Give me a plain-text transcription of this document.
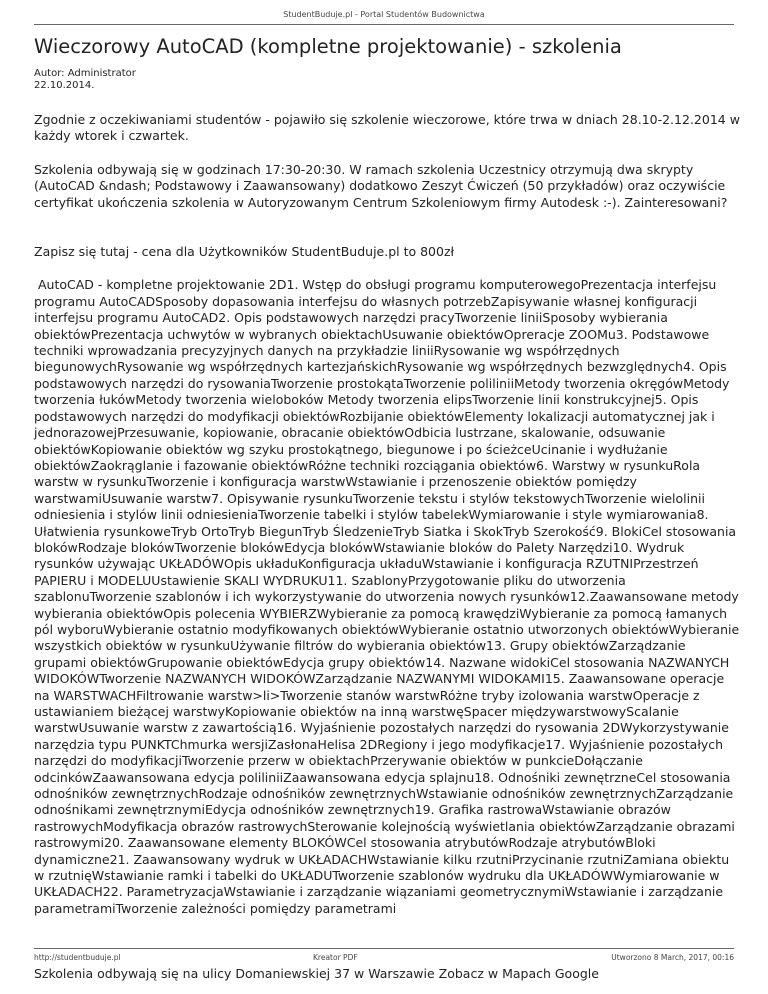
StudentBuduje.pl - Portal Studentów Budownictwa
Wieczorowy AutoCAD (kompletne projektowanie) - szkolenia
Autor: Administrator
22.10.2014.

Zgodnie z oczekiwaniami studentów - pojawiło się szkolenie wieczorowe, które trwa w dniach 28.10-2.12.2014 w każdy wtorek i czwartek.

Szkolenia odbywają się w godzinach 17:30-20:30. W ramach szkolenia Uczestnicy otrzymują dwa skrypty (AutoCAD &ndash; Podstawowy i Zaawansowany) dodatkowo Zeszyt Ćwiczeń (50 przykładów) oraz oczywiście certyfikat ukończenia szkolenia w Autoryzowanym Centrum Szkoleniowym firmy Autodesk :-). Zainteresowani?

Zapisz się tutaj - cena dla Użytkowników StudentBuduje.pl to 800zł

AutoCAD - kompletne projektowanie 2D1. Wstęp do obsługi programu komputerowegoPrezentacja interfejsu programu AutoCADSposoby dopasowania interfejsu do własnych potrzebZapisywanie własnej konfiguracji interfejsu programu AutoCAD2. Opis podstawowych narzędzi pracyTworzenie liniiSposoby wybierania obiektówPrezentacja uchwytów w wybranych obiektachUsuwanie obiektówOpreracje ZOOMu3. Podstawowe techniki wprowadzania precyzyjnych danych na przykładzie liniiRysowanie wg współrzędnych biegunowychRysowanie wg współrzędnych kartezjańskichRysowanie wg współrzędnych bezwzględnych4. Opis podstawowych narzędzi do rysowaniaTworzenie prostokątaTworzenie poliliniiMetody tworzenia okręgówMetody tworzenia łukówMetody tworzenia wieloboków Metody tworzenia elipsTworzenie linii konstrukcyjnej5. Opis podstawowych narzędzi do modyfikacji obiektówRozbijanie obiektówElementy lokalizacji automatycznej jak i jednorazowejPrzesuwanie, kopiowanie, obracanie obiektówOdbicia lustrzane, skalowanie, odsuwanie obiektówKopiowanie obiektów wg szyku prostokątnego, biegunowe i po ścieżceUcinanie i wydłużanie obiektówZaokrąglanie i fazowanie obiektówRóżne techniki rozciągania obiektów6. Warstwy w rysunkuRola warstw w rysunkuTworzenie i konfiguracja warstwWstawianie i przenoszenie obiektów pomiędzy warstwamiUsuwanie warstw7. Opisywanie rysunkuTworzenie tekstu i stylów tekstowychTworzenie wielolinii odniesienia i stylów linii odniesieniaTworzenie tabelki i stylów tabelekWymiarowanie i style wymiarowania8. Ułatwienia rysunkoweTryb OrtoTryb BiegunTryb ŚledzenieTryb Siatka i SkokTryb Szerokość9. BlokiCel stosowania blokówRodzaje blokówTworzenie blokówEdycja blokówWstawianie bloków do Palety Narzędzi10. Wydruk rysunków używając UKŁADÓWOpis układuKonfiguracja układuWstawianie i konfiguracja RZUTNIPrzestrzeń PAPIERU i MODELUUstawienie SKALI WYDRUKU11. SzablonyPrzygotowanie pliku do utworzenia szablonuTworzenie szablonów i ich wykorzystywanie do utworzenia nowych rysunków12.Zaawansowane metody wybierania obiektówOpis polecenia WYBIERZWybieranie za pomocą krawędziWybieranie za pomocą łamanych pól wyboruWybieranie ostatnio modyfikowanych obiektówWybieranie ostatnio utworzonych obiektówWybieranie wszystkich obiektów w rysunkuUżywanie filtrów do wybierania obiektów13. Grupy obiektówZarządzanie grupami obiektówGrupowanie obiektówEdycja grupy obiektów14. Nazwane widokiCel stosowania NAZWANYCH WIDOKÓWTworzenie NAZWANYCH WIDOKÓWZarządzanie NAZWANYMI WIDOKAMI15. Zaawansowane operacje na WARSTWACHFiltrowanie warstw>li>Tworzenie stanów warstwRóżne tryby izolowania warstwOperacje z ustawianiem bieżącej warstwyKopiowanie obiektów na inną warstwęSpacer międzywarstwowyScalanie warstwUsuwanie warstw z zawartością16. Wyjaśnienie pozostałych narzędzi do rysowania 2DWykorzystywanie narzędzia typu PUNKTChmurka wersjiZasłonaHelisa 2DRegiony i jego modyfikacje17. Wyjaśnienie pozostałych narzędzi do modyfikacjiTworzenie przerw w obiektachPrzerywanie obiektów w punkcieDołączanie odcinkówZaawansowana edycja poliliniiZaawansowana edycja splajnu18. Odnośniki zewnętrzneCel stosowania odnośników zewnętrznychRodzaje odnośników zewnętrznychWstawianie odnośników zewnętrznychZarządzanie odnośnikami zewnętrznymiEdycja odnośników zewnętrznych19. Grafika rastrowaWstawianie obrazów rastrowychModyfikacja obrazów rastrowychSterowanie kolejnością wyświetlania obiektówZarządzanie obrazami rastrowymi20. Zaawansowane elementy BLOKÓWCel stosowania atrybutówRodzaje atrybutówBloki dynamiczne21. Zaawansowany wydruk w UKŁADACHWstawianie kilku rzutniPrzycinanie rzutniZamiana obiektu w rzutnięWstawianie ramki i tabelki do UKŁADUTworzenie szablonów wydruku dla UKŁADÓWWymiarowanie w UKŁADACH22. ParametryzacjaWstawianie i zarządzanie wiązaniami geometrycznymiWstawianie i zarządzanie parametramiTworzenie zależności pomiędzy parametrami

Szkolenia odbywają się na ulicy Domaniewskiej 37 w Warszawie Zobacz w Mapach Google

http://studentbuduje.pl	Kreator PDF	Utworzono 8 March, 2017, 00:16
